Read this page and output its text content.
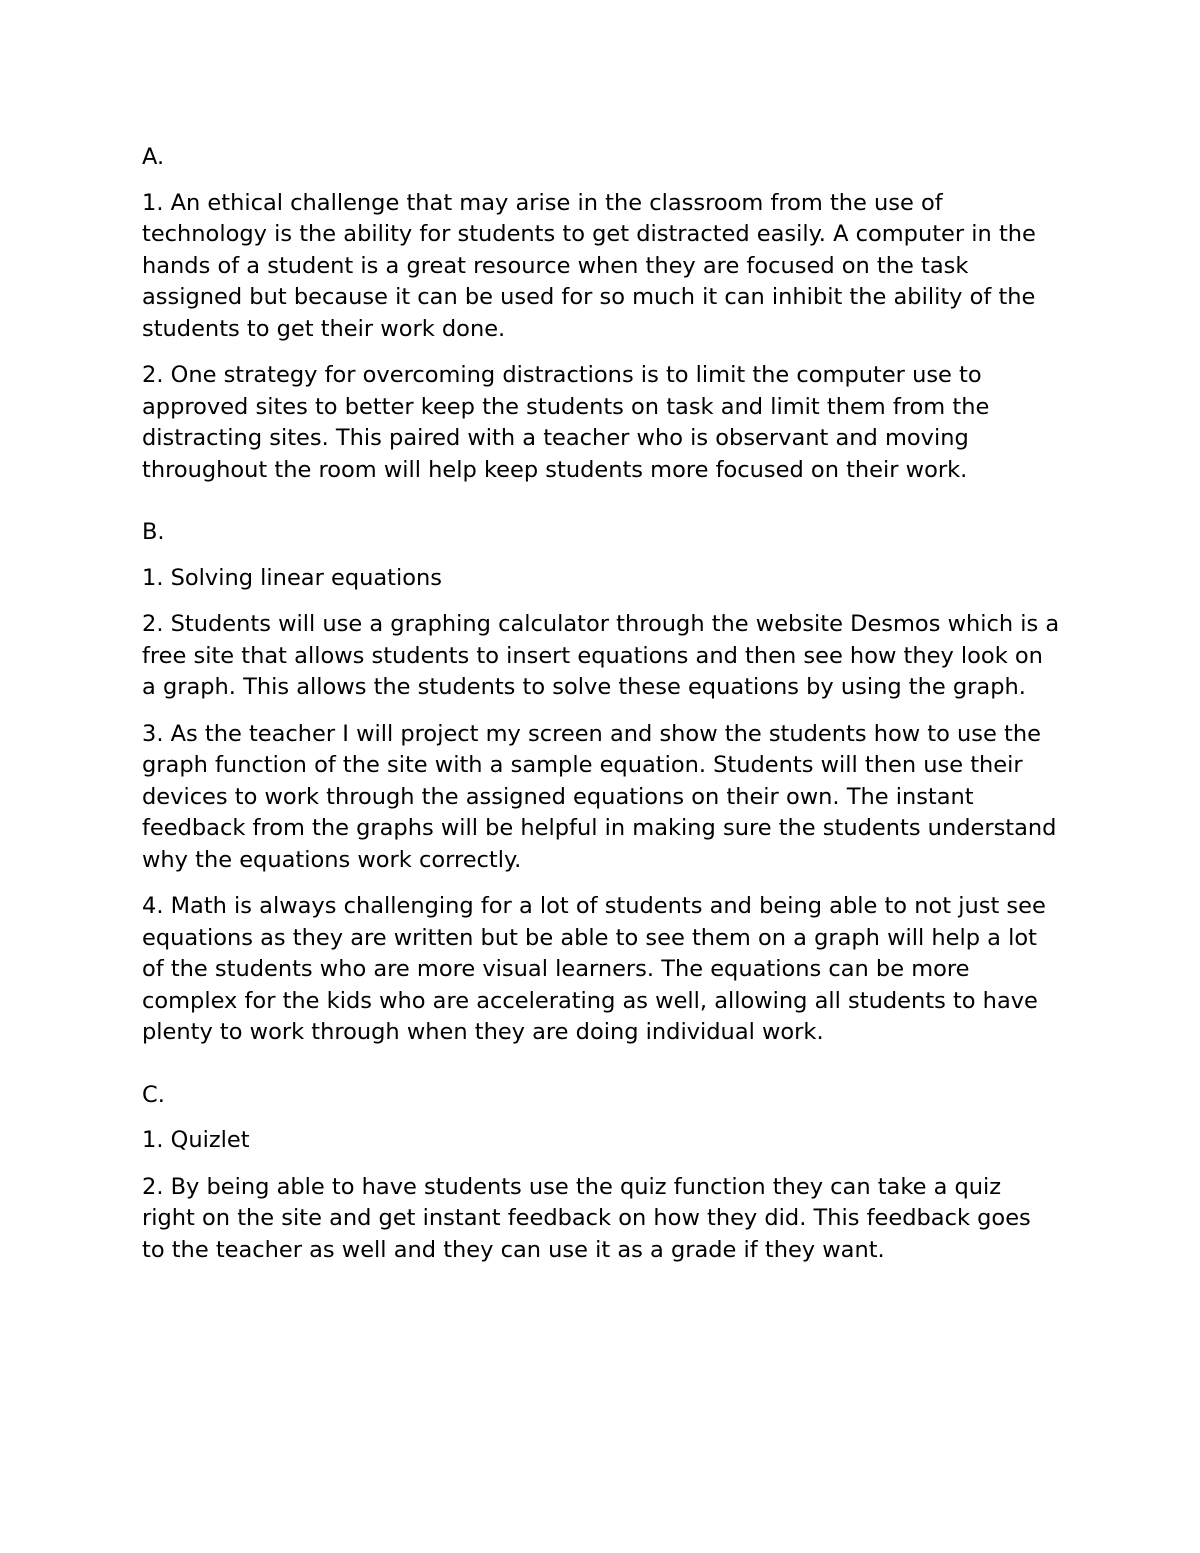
A.

1. An ethical challenge that may arise in the classroom from the use of technology is the ability for students to get distracted easily. A computer in the hands of a student is a great resource when they are focused on the task assigned but because it can be used for so much it can inhibit the ability of the students to get their work done.

2. One strategy for overcoming distractions is to limit the computer use to approved sites to better keep the students on task and limit them from the distracting sites. This paired with a teacher who is observant and moving throughout the room will help keep students more focused on their work.

B.

1. Solving linear equations

2. Students will use a graphing calculator through the website Desmos which is a free site that allows students to insert equations and then see how they look on a graph. This allows the students to solve these equations by using the graph.

3. As the teacher I will project my screen and show the students how to use the graph function of the site with a sample equation. Students will then use their devices to work through the assigned equations on their own. The instant feedback from the graphs will be helpful in making sure the students understand why the equations work correctly.

4. Math is always challenging for a lot of students and being able to not just see equations as they are written but be able to see them on a graph will help a lot of the students who are more visual learners. The equations can be more complex for the kids who are accelerating as well, allowing all students to have plenty to work through when they are doing individual work.

C.

1. Quizlet

2. By being able to have students use the quiz function they can take a quiz right on the site and get instant feedback on how they did. This feedback goes to the teacher as well and they can use it as a grade if they want.
